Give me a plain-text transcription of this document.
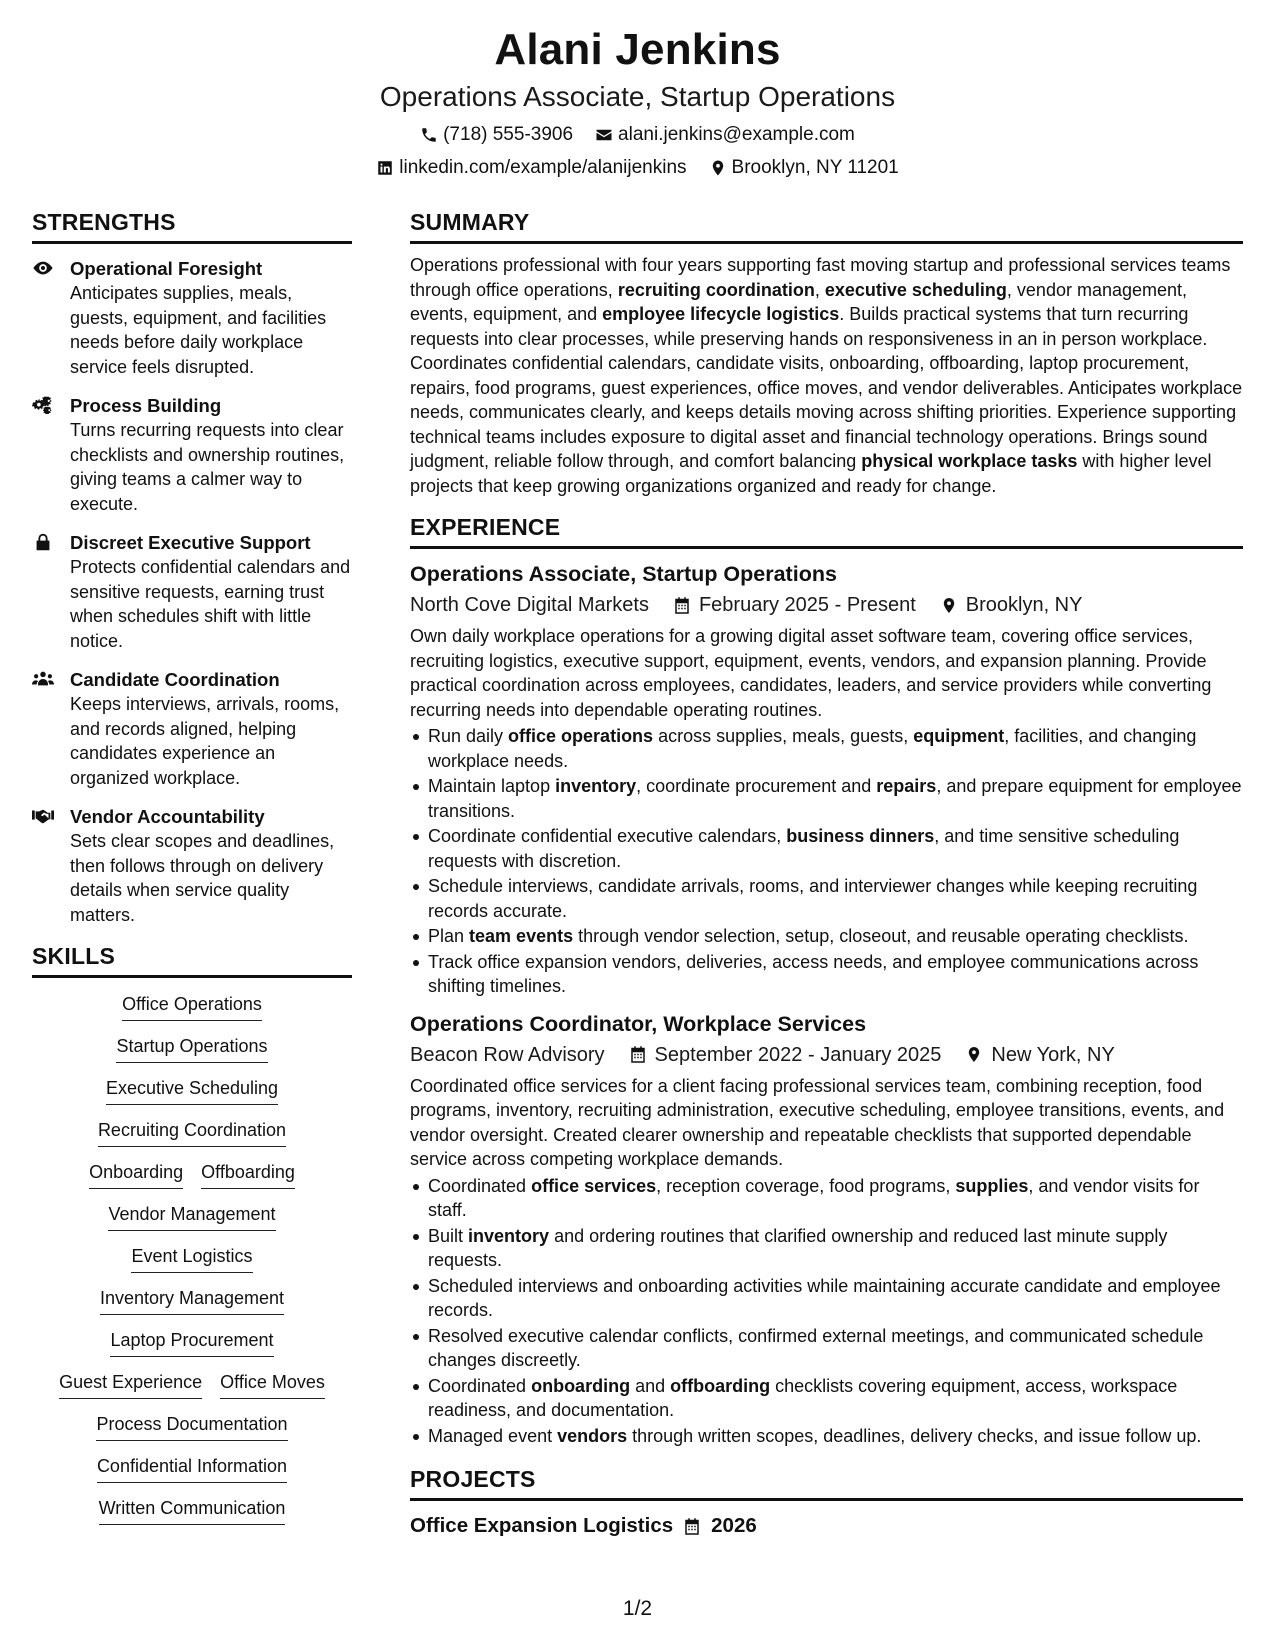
Alani Jenkins
Operations Associate, Startup Operations
(718) 555-3906 alani.jenkins@example.com
linkedin.com/example/alanijenkins Brooklyn, NY 11201
STRENGTHS
Operational Foresight
Anticipates supplies, meals, guests, equipment, and facilities needs before daily workplace service feels disrupted.
Process Building
Turns recurring requests into clear checklists and ownership routines, giving teams a calmer way to execute.
Discreet Executive Support
Protects confidential calendars and sensitive requests, earning trust when schedules shift with little notice.
Candidate Coordination
Keeps interviews, arrivals, rooms, and records aligned, helping candidates experience an organized workplace.
Vendor Accountability
Sets clear scopes and deadlines, then follows through on delivery details when service quality matters.
SKILLS
Office Operations
Startup Operations
Executive Scheduling
Recruiting Coordination
Onboarding Offboarding
Vendor Management
Event Logistics
Inventory Management
Laptop Procurement
Guest Experience Office Moves
Process Documentation
Confidential Information
Written Communication
SUMMARY
Operations professional with four years supporting fast moving startup and professional services teams through office operations, recruiting coordination, executive scheduling, vendor management, events, equipment, and employee lifecycle logistics. Builds practical systems that turn recurring requests into clear processes, while preserving hands on responsiveness in an in person workplace. Coordinates confidential calendars, candidate visits, onboarding, offboarding, laptop procurement, repairs, food programs, guest experiences, office moves, and vendor deliverables. Anticipates workplace needs, communicates clearly, and keeps details moving across shifting priorities. Experience supporting technical teams includes exposure to digital asset and financial technology operations. Brings sound judgment, reliable follow through, and comfort balancing physical workplace tasks with higher level projects that keep growing organizations organized and ready for change.
EXPERIENCE
Operations Associate, Startup Operations
North Cove Digital Markets	February 2025 - Present	Brooklyn, NY
Own daily workplace operations for a growing digital asset software team, covering office services, recruiting logistics, executive support, equipment, events, vendors, and expansion planning. Provide practical coordination across employees, candidates, leaders, and service providers while converting recurring needs into dependable operating routines.
Run daily office operations across supplies, meals, guests, equipment, facilities, and changing workplace needs.
Maintain laptop inventory, coordinate procurement and repairs, and prepare equipment for employee transitions.
Coordinate confidential executive calendars, business dinners, and time sensitive scheduling requests with discretion.
Schedule interviews, candidate arrivals, rooms, and interviewer changes while keeping recruiting records accurate.
Plan team events through vendor selection, setup, closeout, and reusable operating checklists.
Track office expansion vendors, deliveries, access needs, and employee communications across shifting timelines.
Operations Coordinator, Workplace Services
Beacon Row Advisory	September 2022 - January 2025	New York, NY
Coordinated office services for a client facing professional services team, combining reception, food programs, inventory, recruiting administration, executive scheduling, employee transitions, events, and vendor oversight. Created clearer ownership and repeatable checklists that supported dependable service across competing workplace demands.
Coordinated office services, reception coverage, food programs, supplies, and vendor visits for staff.
Built inventory and ordering routines that clarified ownership and reduced last minute supply requests.
Scheduled interviews and onboarding activities while maintaining accurate candidate and employee records.
Resolved executive calendar conflicts, confirmed external meetings, and communicated schedule changes discreetly.
Coordinated onboarding and offboarding checklists covering equipment, access, workspace readiness, and documentation.
Managed event vendors through written scopes, deadlines, delivery checks, and issue follow up.
PROJECTS
Office Expansion Logistics 2026
1/2
